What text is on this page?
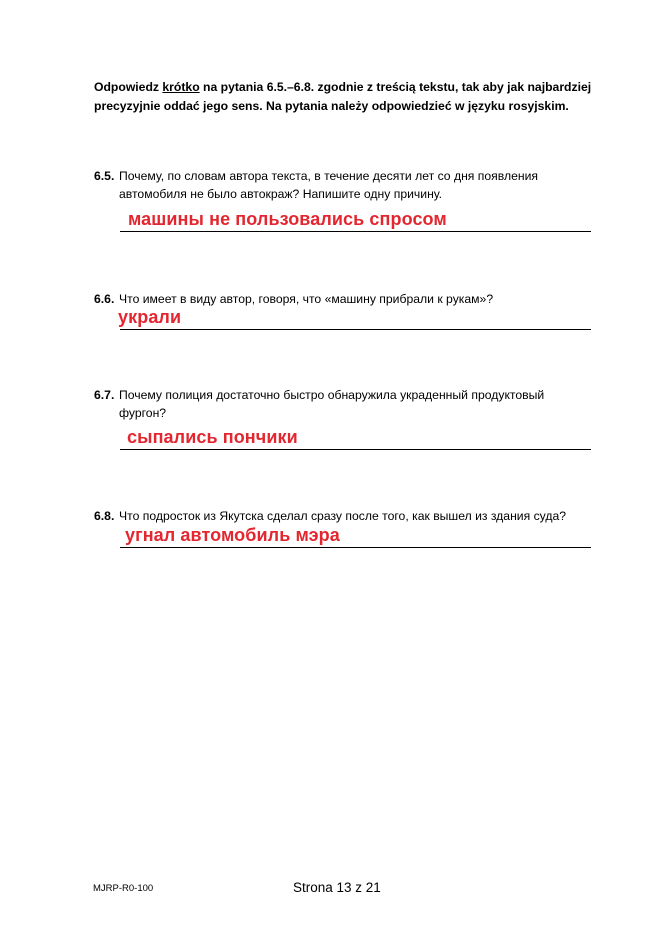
Odpowiedz krótko na pytania 6.5.–6.8. zgodnie z treścią tekstu, tak aby jak najbardziej precyzyjnie oddać jego sens. Na pytania należy odpowiedzieć w języku rosyjskim.
6.5. Почему, по словам автора текста, в течение десяти лет со дня появления автомобиля не было автокраж? Напишите одну причину.
машины не пользовались спросом
6.6. Что имеет в виду автор, говоря, что «машину прибрали к рукам»?
украли
6.7. Почему полиция достаточно быстро обнаружила украденный продуктовый фургон?
сыпались пончики
6.8. Что подросток из Якутска сделал сразу после того, как вышел из здания суда?
угнал автомобиль мэра
MJRP-R0-100	Strona 13 z 21
